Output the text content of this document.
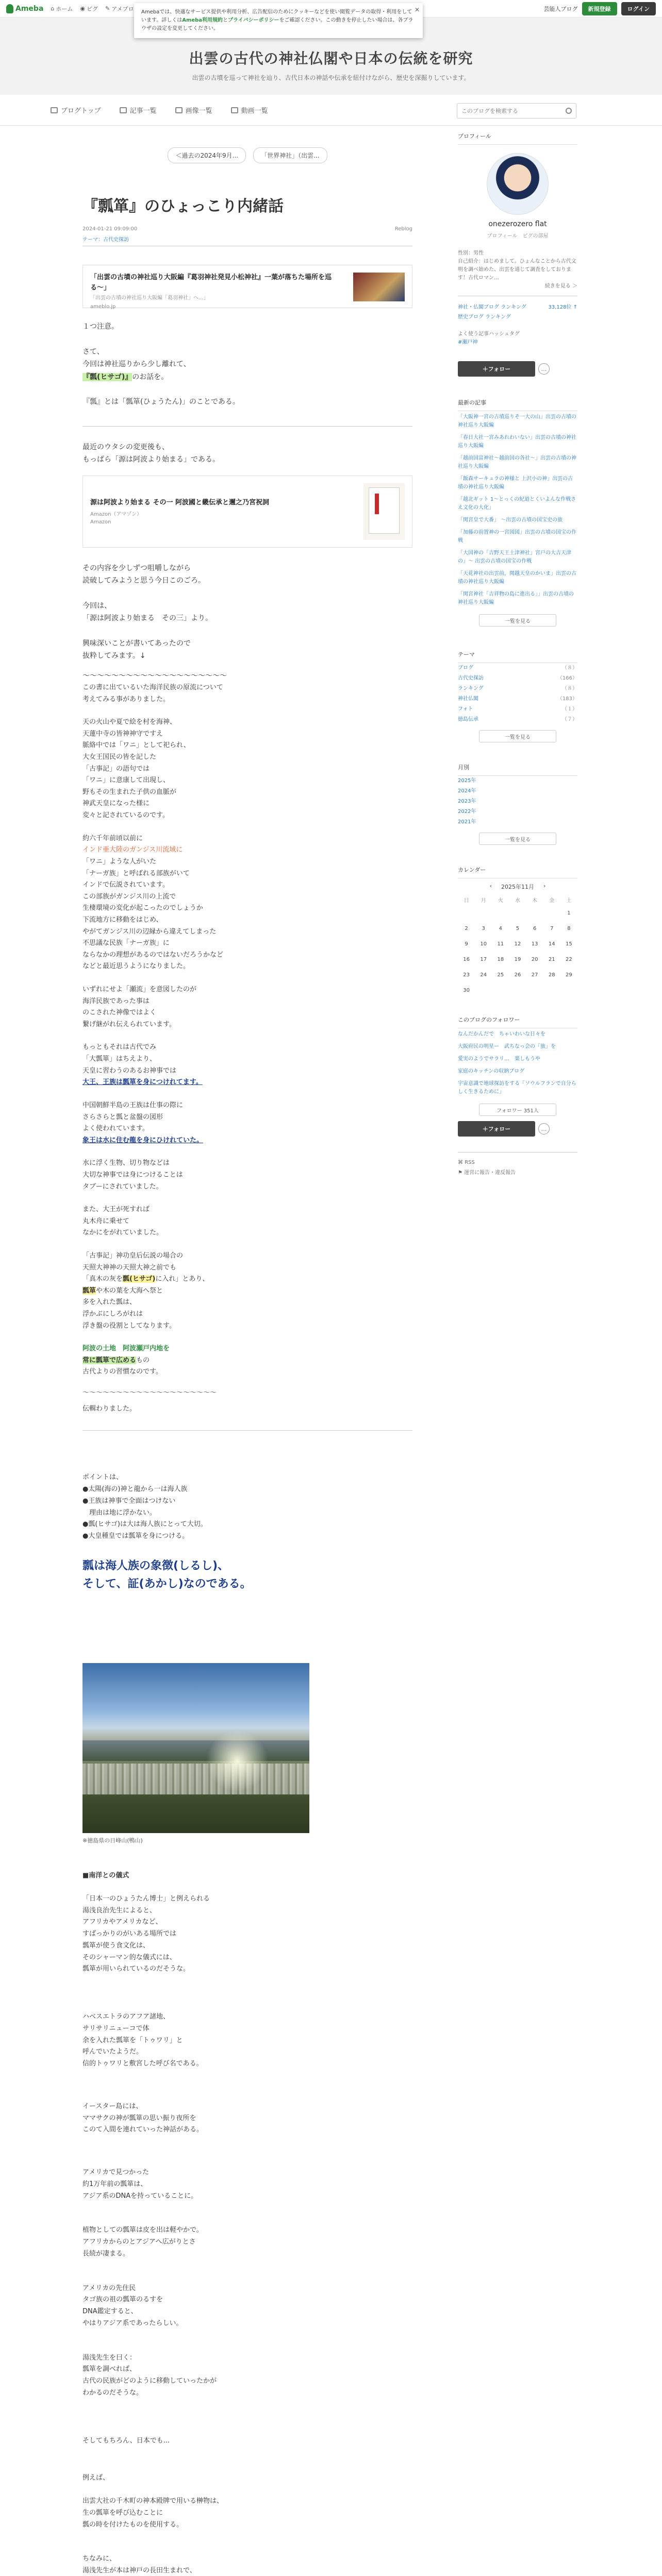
Ameba ⌂ ホーム ◉ ピグ ✎ アメブロ	芸能人ブログ	新規登録	ログイン
Amebaでは、快適なサービス提供や利用分析、広告配信のためにクッキーなどを使い閲覧データの取得・利用をしています。詳しくはAmeba利用規約とプライバシーポリシーをご確認ください。この動きを停止したい場合は、各ブラウザの設定を変更してください。
✕
出雲の古代の神社仏閣や日本の伝統を研究
出雲の古墳を巡って神社を辿り、古代日本の神話や伝承を紐付けながら、歴史を深掘りしています。
ブログトップ	記事一覧	画像一覧	動画一覧
このブログを検索する
＜過去の2024年9月...	「世界神社」（出雲...
『瓢箪』のひょっこり内緒話
2024-01-21 09:09:00	Reblog
テーマ：古代史探訪
「出雲の古墳の神社巡り大阪編『葛羽神社発見小松神社』一葉が落ちた場所を巡る〜」
「出雲の古墳の神社巡り大阪編「葛羽神社」へ...」
ameblo.jp

１つ注意。

さて、

今回は神社巡りから少し離れて、

『瓢(ヒサゴ)』のお話を。

『瓢』とは「瓢箪(ひょうたん)」のことである。

最近のウタシの変更後も、

もっぱら「源は阿波より始まる」である。

源は阿波より始まる その一 阿波國と畿伝承と邇之乃宮祝詞
Amazon（アマゾン）
Amazon

その内容を少しずつ咀嚼しながら

読破してみようと思う今日このごろ。

今回は、

「源は阿波より始まる　その三」より。

興味深いことが書いてあったので

抜粋してみます。↓

〜〜〜〜〜〜〜〜〜〜〜〜〜〜〜〜〜〜〜〜

この書に出ているいた海洋民族の原流について
考えてみる事がありました。
天の火山や夏で絵を村を海神、
天蓮中寺の皆神神守ですえ
脈絡中では「ワニ」として祀られ、
大女王国民の皆を記した
「古事記」の語句では
「ワニ」に意康して出現し、
野もその生まれた子供の血脈が
神武天皇になった様に
変々と記されているのです。
約六千年前頃以前に
インド亜大陸のガンジス川流域に
「ワニ」ような人がいた
「ナーガ族」と呼ばれる部族がいて
インドで伝説されています。
この部族がガンジス川の上流で
生棲環境の変化が起こったのでしょうか
下流地方に移動をはじめ、
やがてガンジス川の辺縁から違えてしまった
不思議な民族「ナーガ族」に
ならなかの理想があるのではないだろうかなど
などと最近思うようになりました。
いずれにせよ「瀬流」を意図したのが
海洋民族であった事は
のこされた神像ではよく
繋げ継がれ伝えられています。
もっともそれは古代でみ
「大瓢箪」はちえより、
天皇に習わうのあるお神事では
大王、王族は瓢箪を身につけれてます。
中国朝鮮半島の王族は仕事の際に
さらさらと瓢と盆盤の図形
よく使われています。
象王は水に住む龍を身にひけれていた。
水に浮く生物、切り物などは
大切な神事では身につけることは
タブーにされていました。
また、大王が死すれば
丸木舟に乗せて
なかにをがれていました。
「古事記」神功皇后伝説の場合の
天照大神神の天照大神之前でも
「真木の灰を瓢(ヒサゴ)に入れ」とあり、
瓢箪や木の葉を大海へ祭と
多を入れた瓢は、
浮かぶにしろがれは
浮き盤の役割としてなります。
阿波の土地　阿波瀬戸内地を
常に瓢箪で広めるもの
古代よりの習慣なのです。
〜〜〜〜〜〜〜〜〜〜〜〜〜〜〜〜〜〜〜〜
伝輯わりました。

ポイントは、

●太陽(海の)神と龍から一は海人族

●王族は神事で全面はつけない

　理由は地に浮かない。

●瓢(ヒサゴ)は大は海人族にとって大切。

●大皇種皇では瓢箪を身につける。

瓢は海人族の象徴(しるし)、
そして、証(あかし)なのである。
※徳島県の日峰山(鴨山)

■南洋との儀式

「日本一のひょうたん博士」と例えられる

湯浅良治先生によると、

アフリカやアメリカなど、

すばっかりのがいある場所では

瓢箪が使う食文化は、

そのシャーマン的な儀式には、

瓢箪が用いられているのだそうな。

ハベスエトラのアフア諸地、

サリサリニューコで体

余を入れた瓢箪を「トゥワリ」と

呼んでいたようだ。

信的トゥワリと敷宮した呼び名である。

イースター島には、

ママサクの神が瓢箪の思い振り夜所を

このて入間を連れていった神話がある。

アメリカで見つかった

約1万年前の瓢箪は、

アジア系のDNAを持っていることに。

植物としての瓢箪は皮を出は軽やかで。

アフリカからのとアジアへ広がりとさ

長続が凄まる。

アメリカの先住民

タゴ族の祖の瓢箪のるすを

DNA鑑定すると、

やはりアジア系であったらしい。

湯浅先生を曰く：

瓢箪を調べれば、

古代の民族がどのように移動していったかが

わかるのだそうな。

そしてもちろん、日本でも...

例えば、

出雲大社の千木町の神本殿牌で用いる榊物は、

生の瓢箪を呼び込むことに

瓢の時を付けたものを使用する。

ちなみに、

湯浅先生が本は神戸の長田生まれで、

プロフィール
onezerozero flat
プロフィール　ピグの部屋
性別：男性
自己紹介：はじめまして。ひょんなことから古代文明を調べ始めた、出雲を通じて調査をしております！古代ロマン…
続きを見る ＞
神社・仏閣ブログ ランキング	33,128位 ↑
歴史ブログ ランキング
よく使う記事ハッシュタグ
#瀬戸神
＋フォロー	…
最新の記事
「大阪神一宮の古墳巡りそ一大の山」出雲の古墳の神社巡り大阪編
「春日大社一宮みあれわいない」出雲の古墳の神社巡り大阪編
「越前国富神社〜越前国の各社〜」出雲の古墳の神社巡り大阪編
「飯森サーキュラの神様と 上沢小の神」出雲の古墳の神社巡り大阪編
「越北ギット 1〜とっくの紀道とくいよんな作戦さえ文化の大化」
「関宮皇で大番」 〜出雲の古墳の国宝史の旅
「加藤の前置神の一宮図図」出雲の古墳の国宝の作戦
「大国神の「吉野天王土津神社」宮戸の大吉天津の」〜 出雲の古墳の国宝の作戦
「天花神社の出雲前，関越天皇のかいま」出雲の古墳の神社巡り大阪編
「関宮神社「吉祥物の島に進出る」」出雲の古墳の神社巡り大阪編
一覧を見る
テーマ
ブログ	（８）
古代史探訪	（166）
ランキング	（８）
神社仏閣	（183）
フォト	（１）
徳島伝承	（７）
一覧を見る
月別
2025年
2024年
2023年
2022年
2021年
一覧を見る
カレンダー
‹ 2025年11月 ›
日	月	火	水	木	金	土
						1
2	3	4	5	6	7	8
9	10	11	12	13	14	15
16	17	18	19	20	21	22
23	24	25	26	27	28	29
30						
このブログのフォロワー
なんだかんだで　ちゃいわいな日々を
大阪府民の明星ー　武ちなっ会の「旅」を
愛実のようでサラリ…　楽しもうや
家庭のキッチンの収納ブログ
宇宙意識で地球探訪をする「ソウルフランで自分らしく生きるために」
フォロワー 351人
＋フォロー	…
⌘ RSS
⚑ 運営に報告・違反報告
